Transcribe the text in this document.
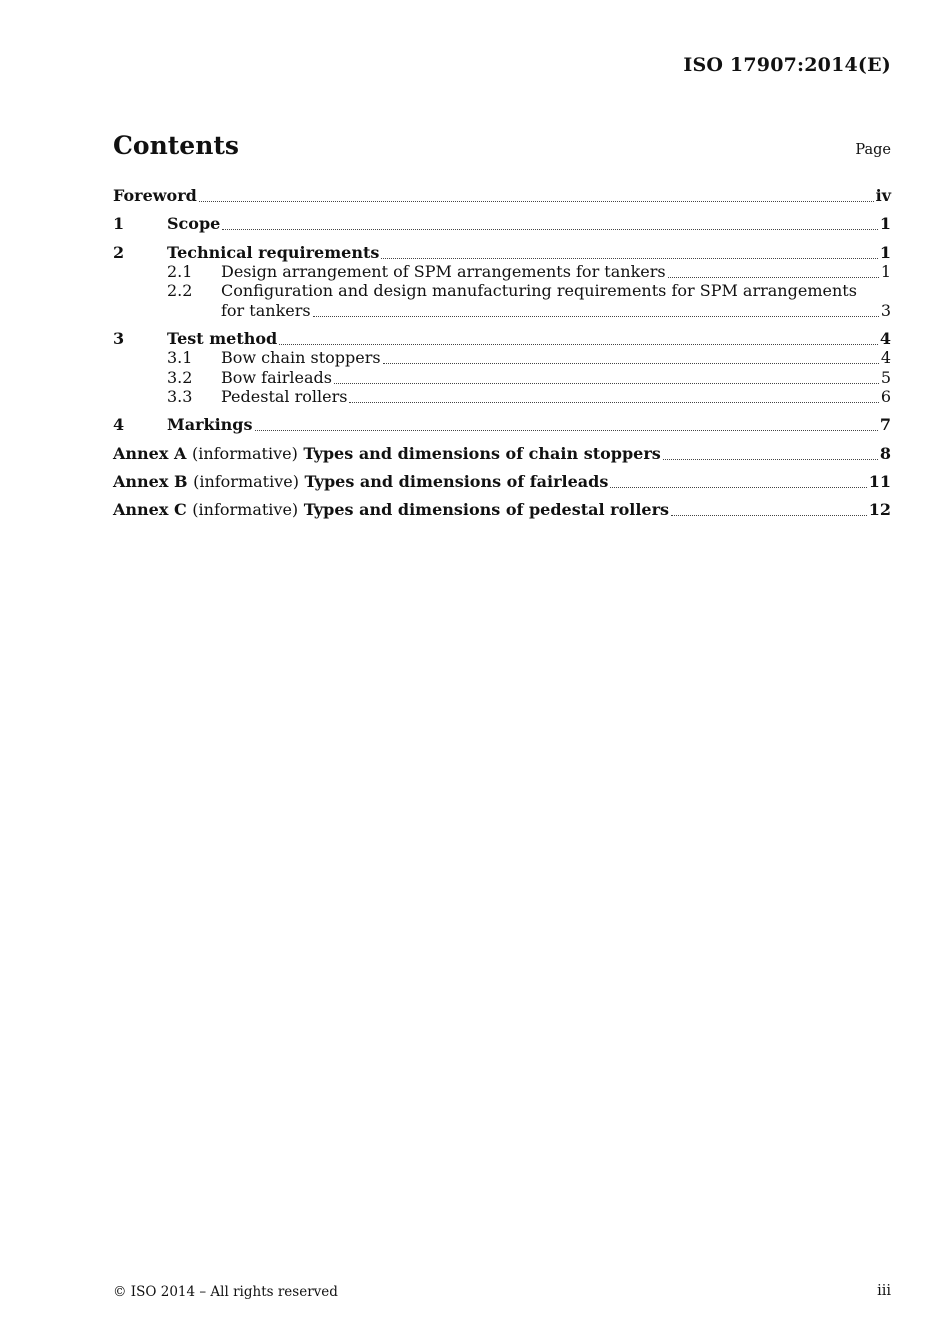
ISO 17907:2014(E)
Contents	Page
Foreword	iv
1	Scope	1
2	Technical requirements	1
2.1	Design arrangement of SPM arrangements for tankers	1
2.2	Configuration and design manufacturing requirements for SPM arrangements
for tankers	3
3	Test method	4
3.1	Bow chain stoppers	4
3.2	Bow fairleads	5
3.3	Pedestal rollers	6
4	Markings	7
Annex A (informative) Types and dimensions of chain stoppers	8
Annex B (informative) Types and dimensions of fairleads	11
Annex C (informative) Types and dimensions of pedestal rollers	12
© ISO 2014 – All rights reserved	iii
